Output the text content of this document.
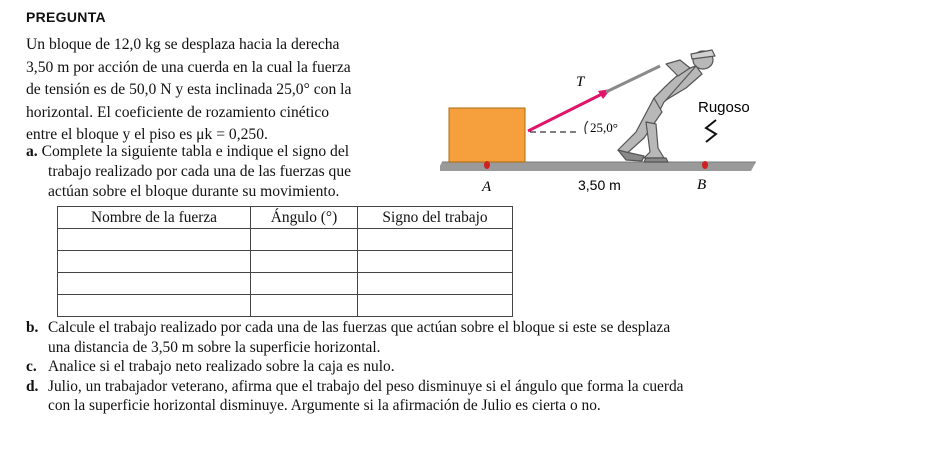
PREGUNTA

Un bloque de 12,0 kg se desplaza hacia la derecha

3,50 m por acción de una cuerda en la cual la fuerza

de tensión es de 50,0 N y esta inclinada 25,0° con la

horizontal. El coeficiente de rozamiento cinético

entre el bloque y el piso es μk = 0,250.

a. Complete la siguiente tabla e indique el signo del
trabajo realizado por cada una de las fuerzas que
actúan sobre el bloque durante su movimiento.
Nombre de la fuerza	Ángulo (°)	Signo del trabajo

b. Calcule el trabajo realizado por cada una de las fuerzas que actúan sobre el bloque si este se desplaza
una distancia de 3,50 m sobre la superficie horizontal.
c. Analice si el trabajo neto realizado sobre la caja es nulo.
d. Julio, un trabajador veterano, afirma que el trabajo del peso disminuye si el ángulo que forma la cuerda
con la superficie horizontal disminuye. Argumente si la afirmación de Julio es cierta o no.
T
25,0°
Rugoso
A	3,50 m	B
